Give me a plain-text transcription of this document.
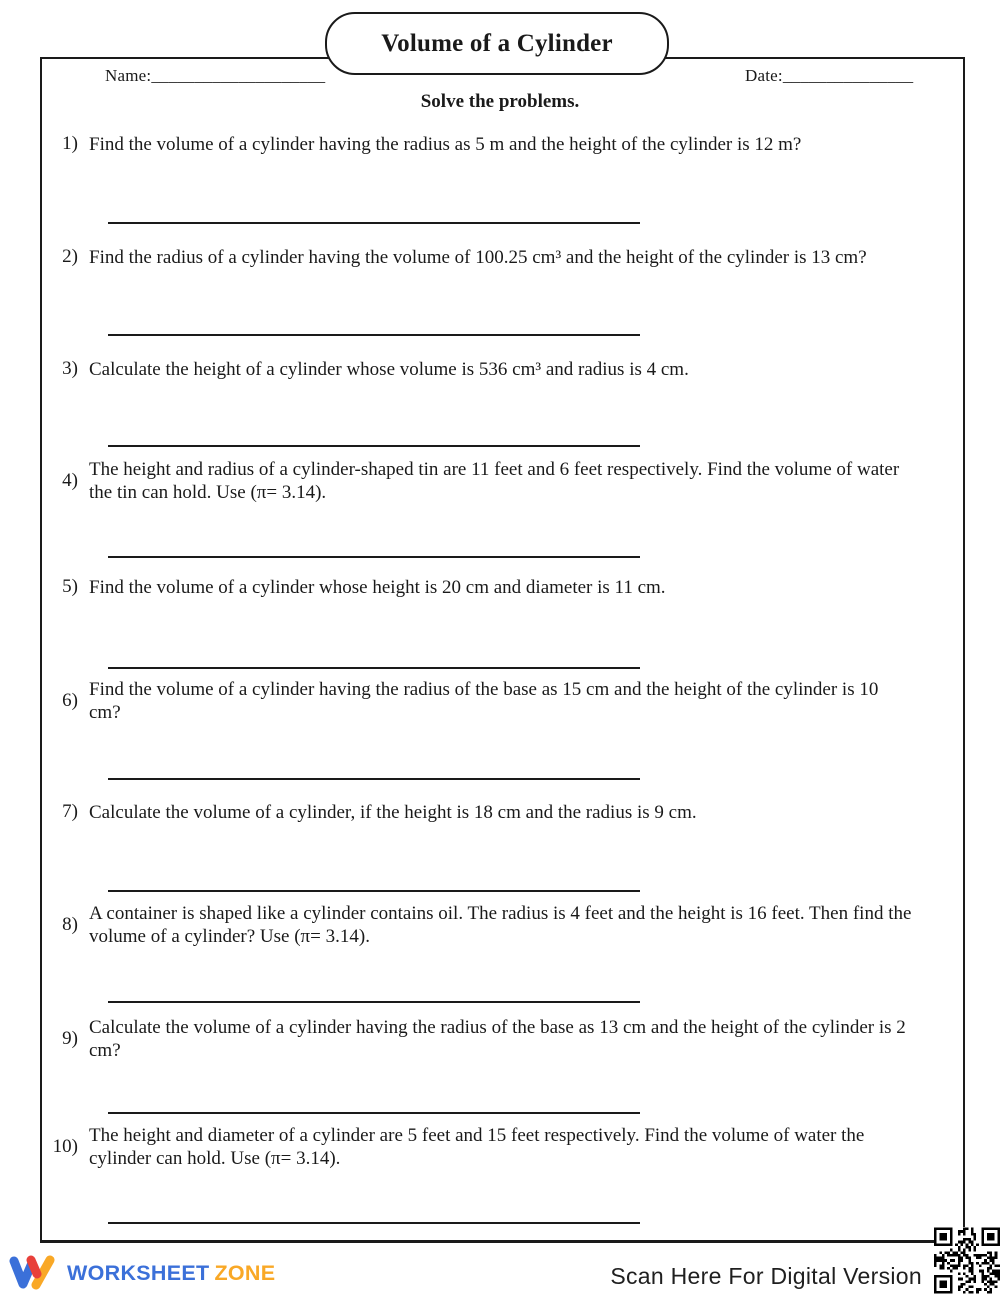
Volume of a Cylinder
Name:____________________	Date:_______________

Solve the problems.

1) Find the volume of a cylinder having the radius as 5 m and the height of the cylinder is 12 m?

2) Find the radius of a cylinder having the volume of 100.25 cm³ and the height of the cylinder is 13 cm?

3) Calculate the height of a cylinder whose volume is 536 cm³ and radius is 4 cm.

4)

The height and radius of a cylinder-shaped tin are 11 feet and 6 feet respectively. Find the volume of water the tin can hold. Use (π= 3.14).

5) Find the volume of a cylinder whose height is 20 cm and diameter is 11 cm.

6)

Find the volume of a cylinder having the radius of the base as 15 cm and the height of the cylinder is 10 cm?

7) Calculate the volume of a cylinder, if the height is 18 cm and the radius is 9 cm.

8)

A container is shaped like a cylinder contains oil. The radius is 4 feet and the height is 16 feet. Then find the volume of a cylinder? Use (π= 3.14).

9)

Calculate the volume of a cylinder having the radius of the base as 13 cm and the height of the cylinder is 2 cm?

10)

The height and diameter of a cylinder are 5 feet and 15 feet respectively. Find the volume of water the cylinder can hold. Use (π= 3.14).

WORKSHEET ZONE	Scan Here For Digital Version
